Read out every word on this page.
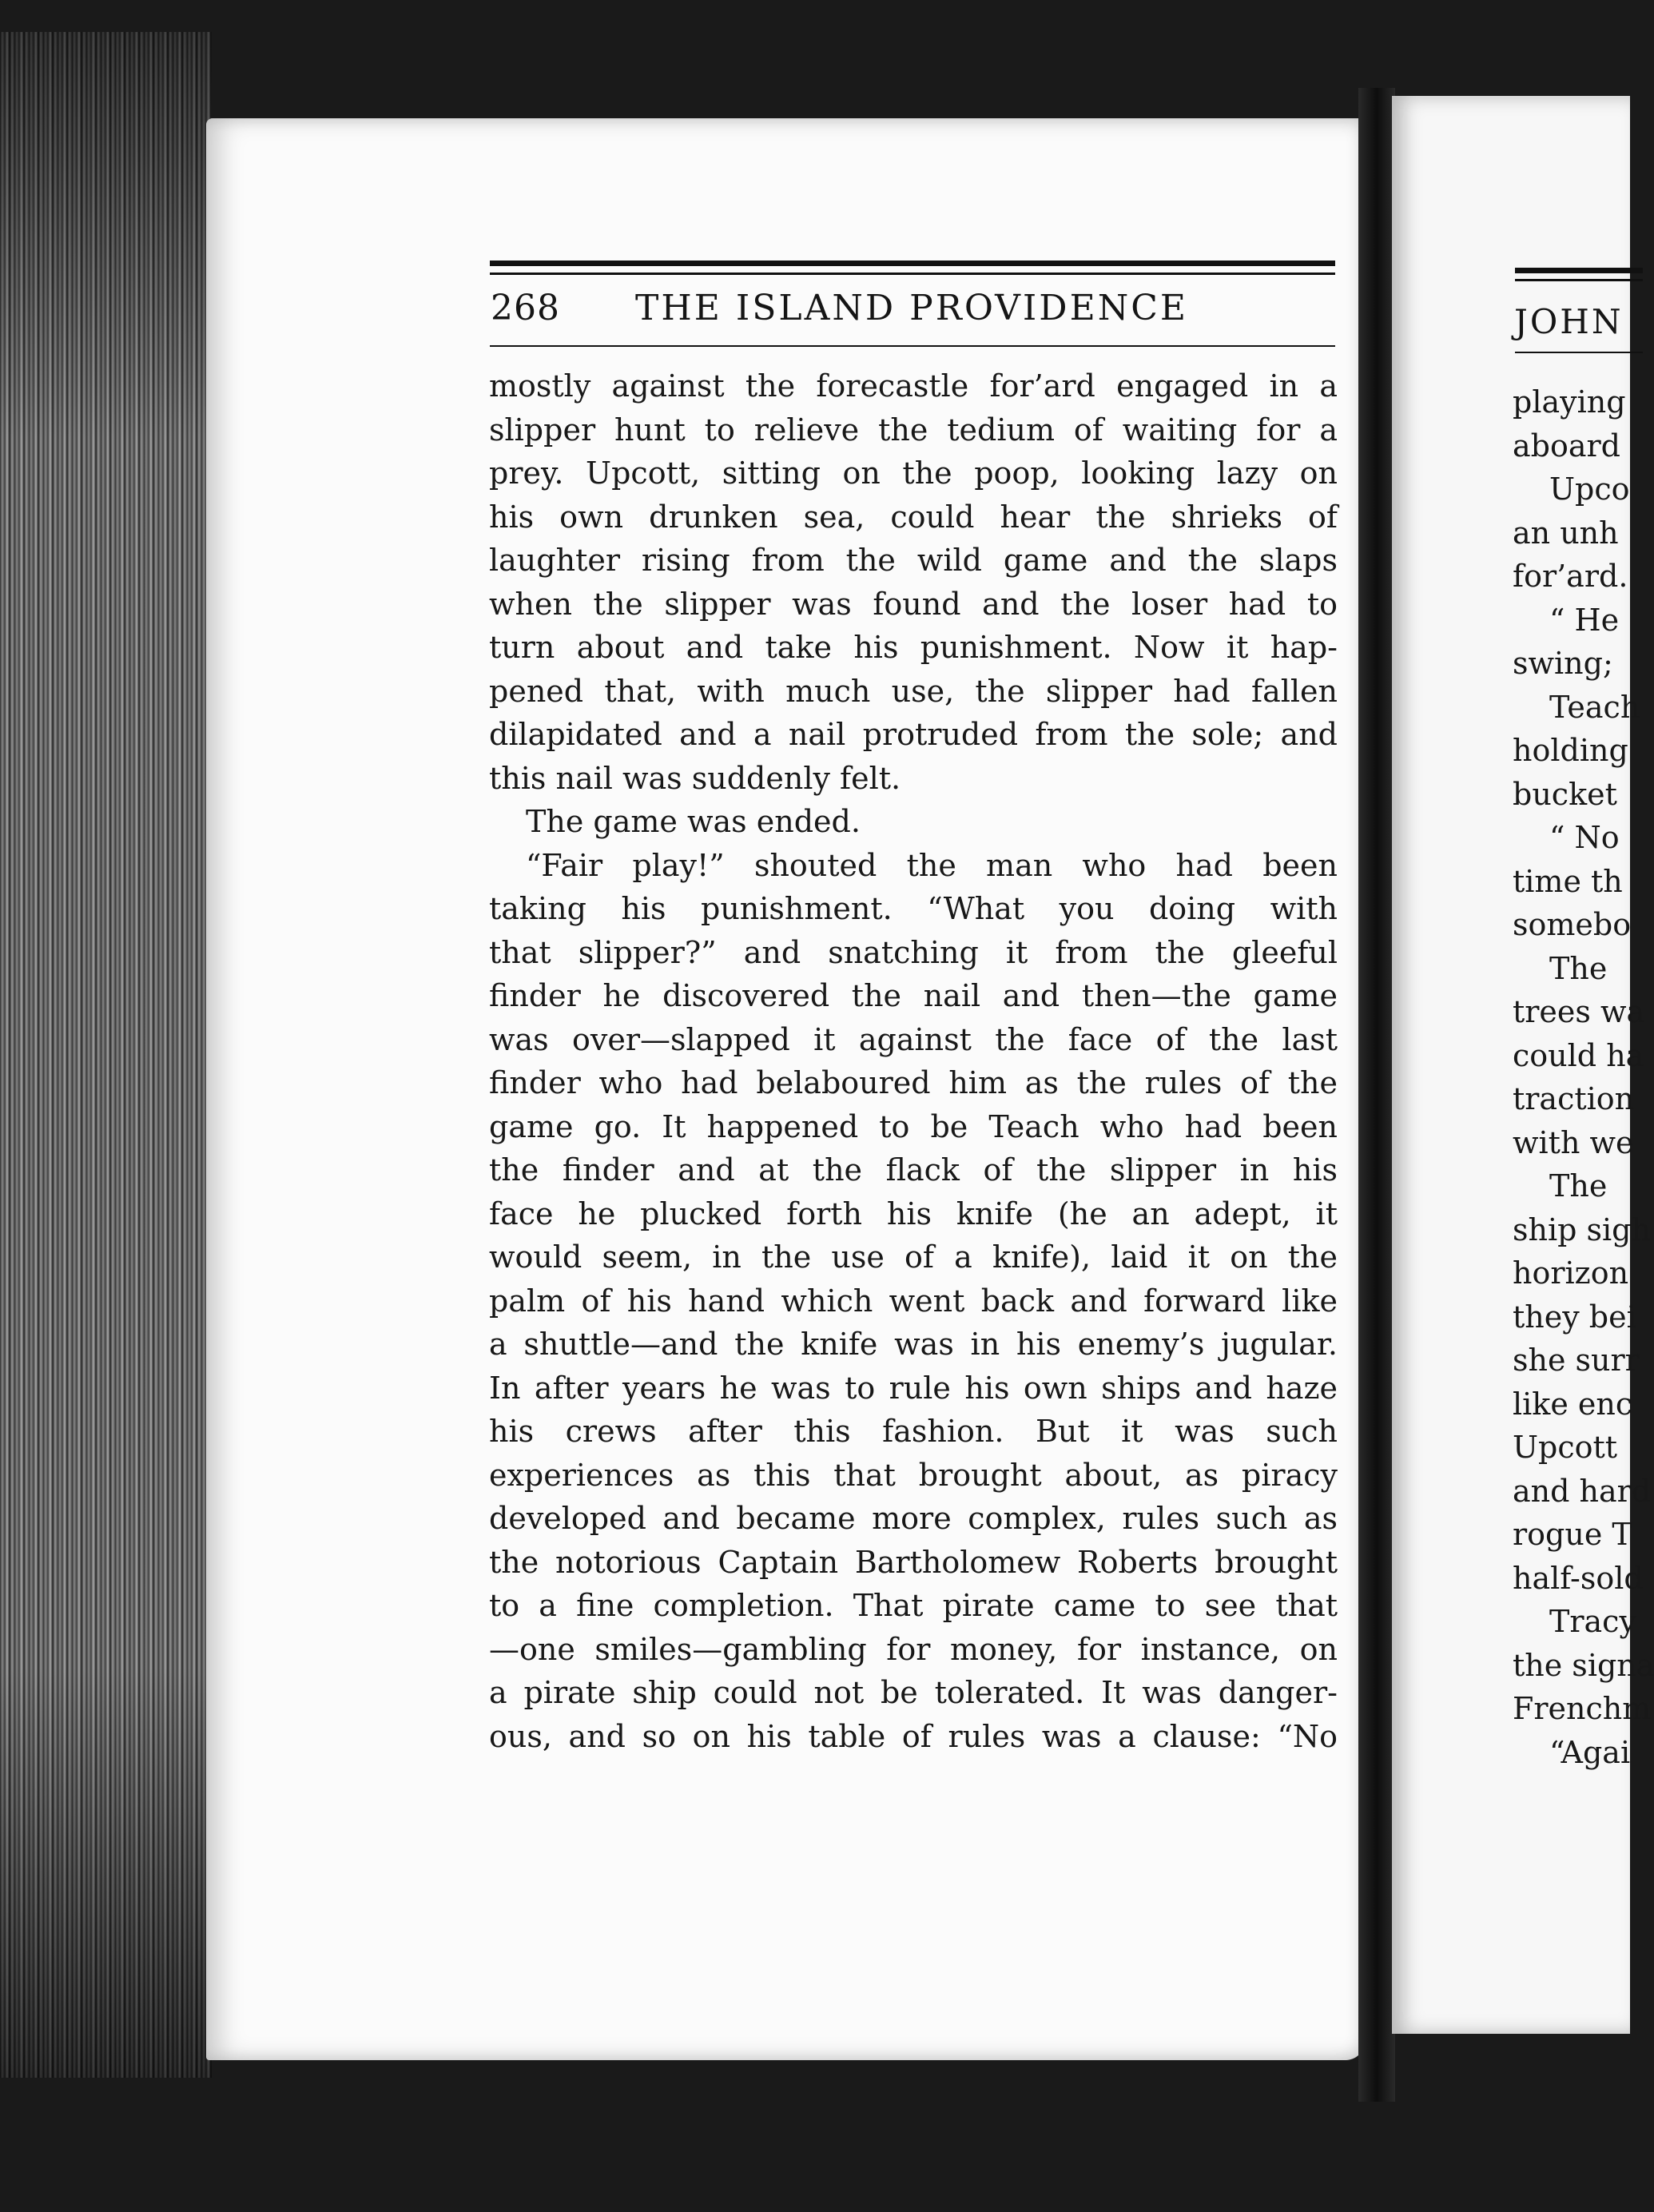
268 THE ISLAND PROVIDENCE
mostly against the forecastle for’ard engaged in a
slipper hunt to relieve the tedium of waiting for a
prey. Upcott, sitting on the poop, looking lazy on
his own drunken sea, could hear the shrieks of
laughter rising from the wild game and the slaps
when the slipper was found and the loser had to
turn about and take his punishment. Now it hap-
pened that, with much use, the slipper had fallen
dilapidated and a nail protruded from the sole; and
this nail was suddenly felt.
The game was ended.
“Fair play!” shouted the man who had been
taking his punishment. “What you doing with
that slipper?” and snatching it from the gleeful
finder he discovered the nail and then—the game
was over—slapped it against the face of the last
finder who had belaboured him as the rules of the
game go. It happened to be Teach who had been
the finder and at the flack of the slipper in his
face he plucked forth his knife (he an adept, it
would seem, in the use of a knife), laid it on the
palm of his hand which went back and forward like
a shuttle—and the knife was in his enemy’s jugular.
In after years he was to rule his own ships and haze
his crews after this fashion. But it was such
experiences as this that brought about, as piracy
developed and became more complex, rules such as
the notorious Captain Bartholomew Roberts brought
to a fine completion. That pirate came to see that
—one smiles—gambling for money, for instance, on
a pirate ship could not be tolerated. It was danger-
ous, and so on his table of rules was a clause: “No
JOHN
playing
aboard
Upco
an unh
for’ard.
“ He
swing;
Teach
holding
bucket
“ No
time th
somebo
The
trees wa
could ha
traction
with we
The
ship sigh
horizon
they bei
she surr
like enc
Upcott
and hard
rogue T
half-sold
Tracy
the signa
Frenchm
“Agai
